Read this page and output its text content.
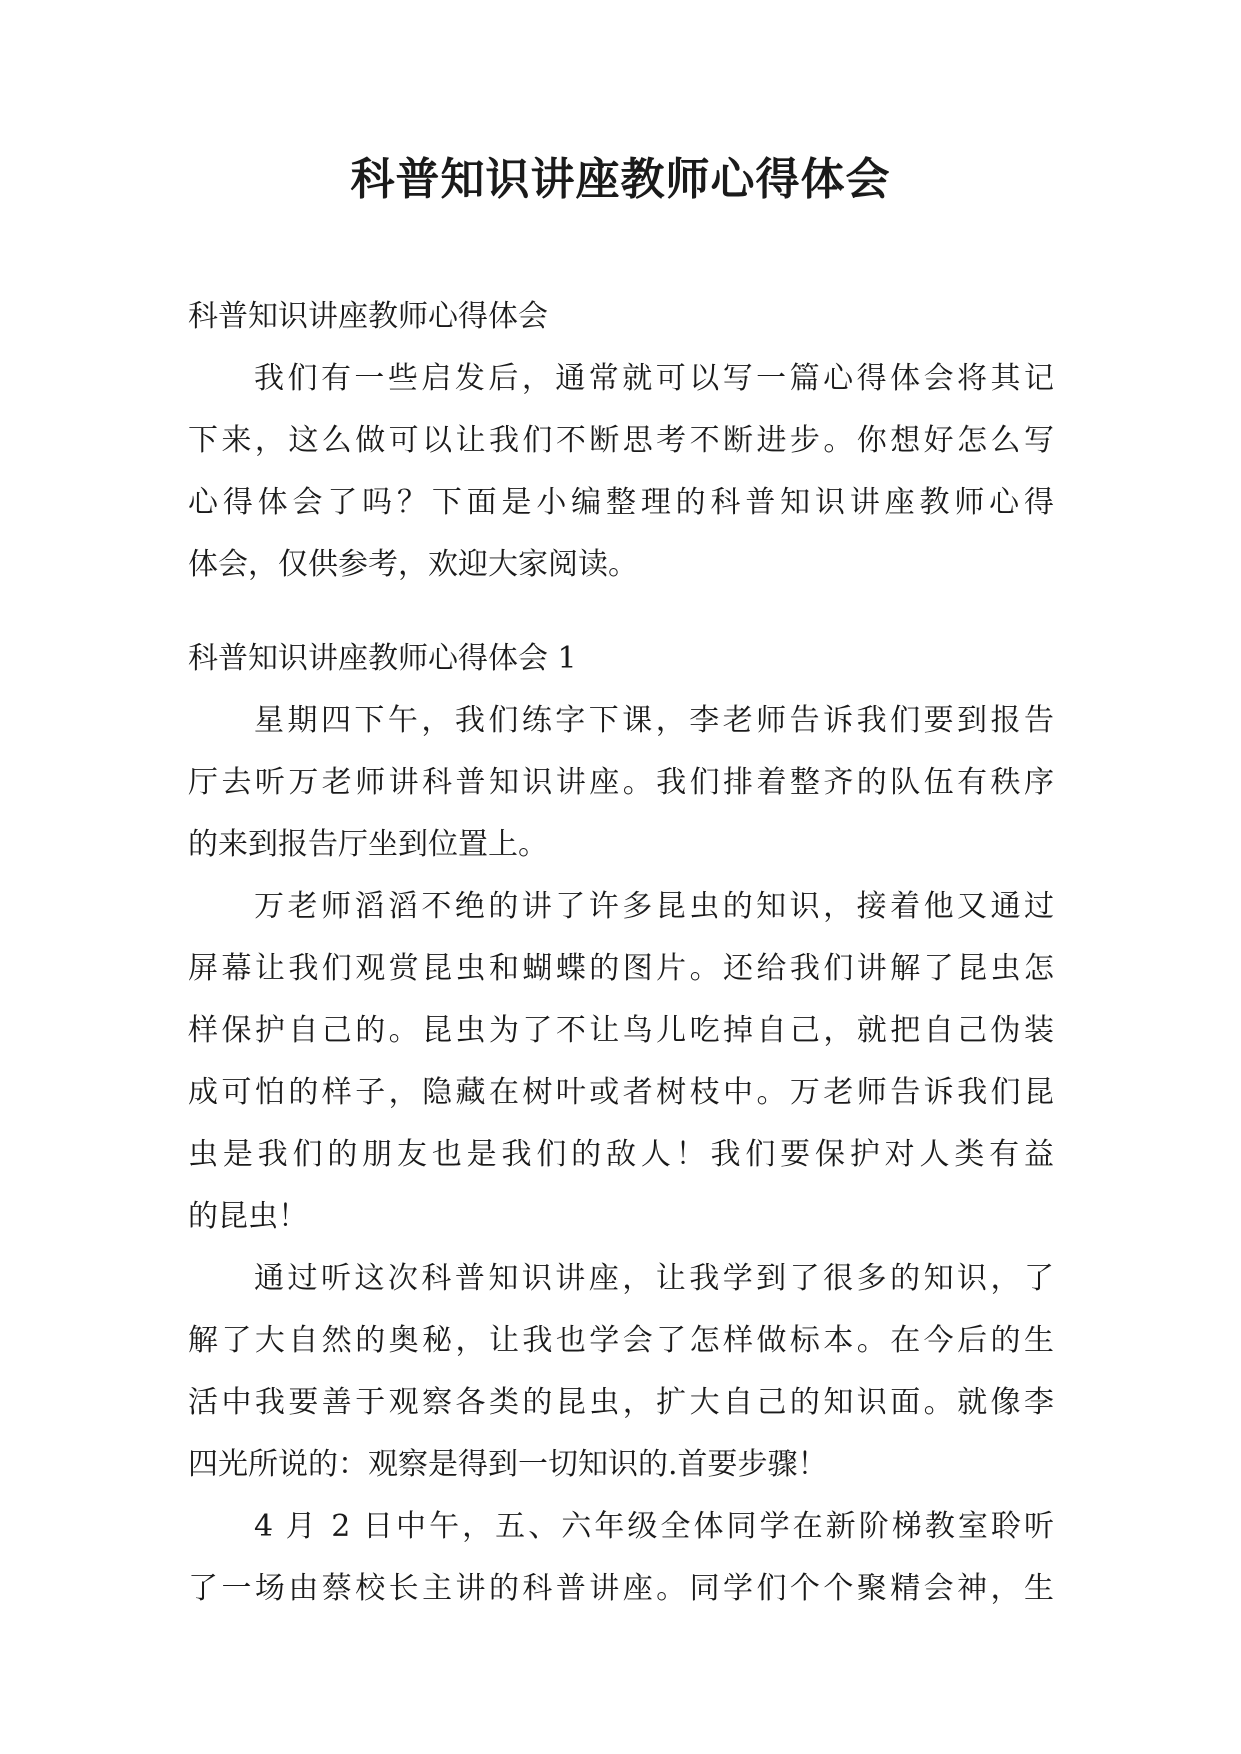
科普知识讲座教师心得体会
科普知识讲座教师心得体会
我们有一些启发后，通常就可以写一篇心得体会将其记
下来，这么做可以让我们不断思考不断进步。你想好怎么写
心得体会了吗？下面是小编整理的科普知识讲座教师心得
体会，仅供参考，欢迎大家阅读。
科普知识讲座教师心得体会 1
星期四下午，我们练字下课，李老师告诉我们要到报告
厅去听万老师讲科普知识讲座。我们排着整齐的队伍有秩序
的来到报告厅坐到位置上。
万老师滔滔不绝的讲了许多昆虫的知识，接着他又通过
屏幕让我们观赏昆虫和蝴蝶的图片。还给我们讲解了昆虫怎
样保护自己的。昆虫为了不让鸟儿吃掉自己，就把自己伪装
成可怕的样子，隐藏在树叶或者树枝中。万老师告诉我们昆
虫是我们的朋友也是我们的敌人！我们要保护对人类有益
的昆虫！
通过听这次科普知识讲座，让我学到了很多的知识，了
解了大自然的奥秘，让我也学会了怎样做标本。在今后的生
活中我要善于观察各类的昆虫，扩大自己的知识面。就像李
四光所说的：观察是得到一切知识的.首要步骤！
4 月 2 日中午，五、六年级全体同学在新阶梯教室聆听
了一场由蔡校长主讲的科普讲座。同学们个个聚精会神，生
